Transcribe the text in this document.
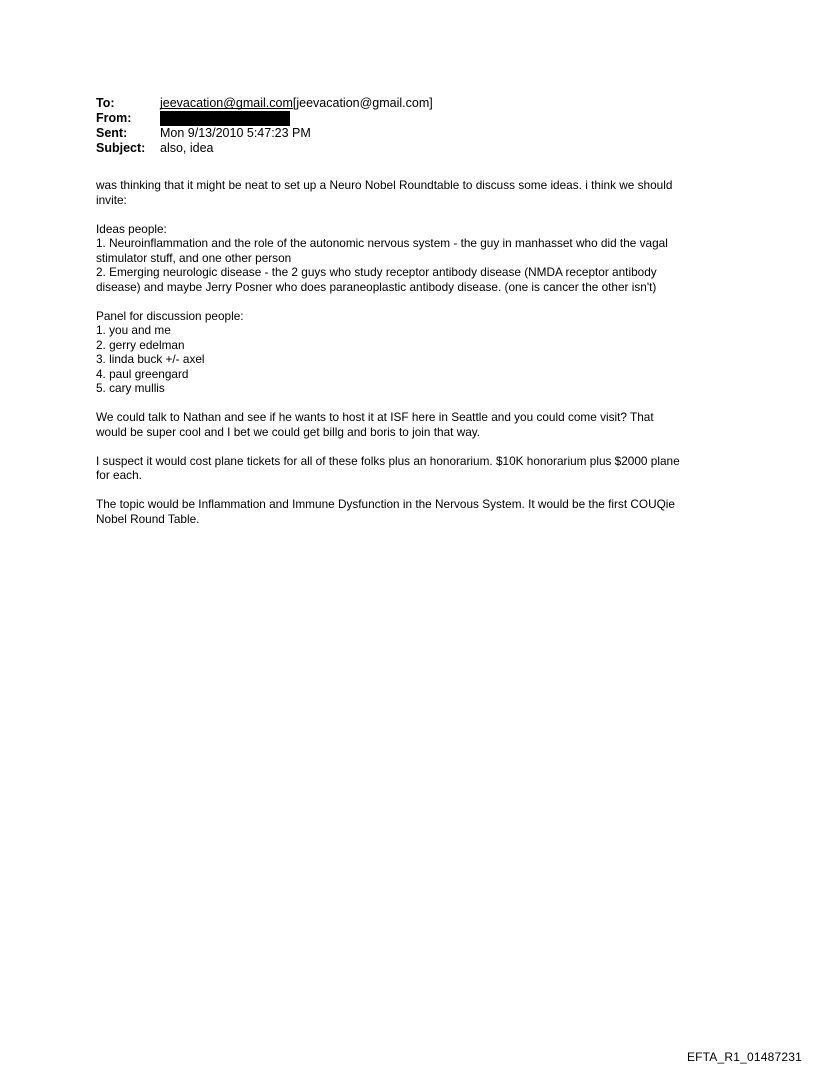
To:	jeevacation@gmail.com[jeevacation@gmail.com]
From:
Sent:	Mon 9/13/2010 5:47:23 PM
Subject:	also, idea

was thinking that it might be neat to set up a Neuro Nobel Roundtable to discuss some ideas. i think we should
invite:

Ideas people:
1. Neuroinflammation and the role of the autonomic nervous system - the guy in manhasset who did the vagal
stimulator stuff, and one other person
2. Emerging neurologic disease - the 2 guys who study receptor antibody disease (NMDA receptor antibody
disease) and maybe Jerry Posner who does paraneoplastic antibody disease. (one is cancer the other isn't)

Panel for discussion people:
1. you and me
2. gerry edelman
3. linda buck +/- axel
4. paul greengard
5. cary mullis

We could talk to Nathan and see if he wants to host it at ISF here in Seattle and you could come visit? That
would be super cool and I bet we could get billg and boris to join that way.

I suspect it would cost plane tickets for all of these folks plus an honorarium. $10K honorarium plus $2000 plane
for each.

The topic would be Inflammation and Immune Dysfunction in the Nervous System. It would be the first COUQie
Nobel Round Table.

EFTA_R1_01487231
